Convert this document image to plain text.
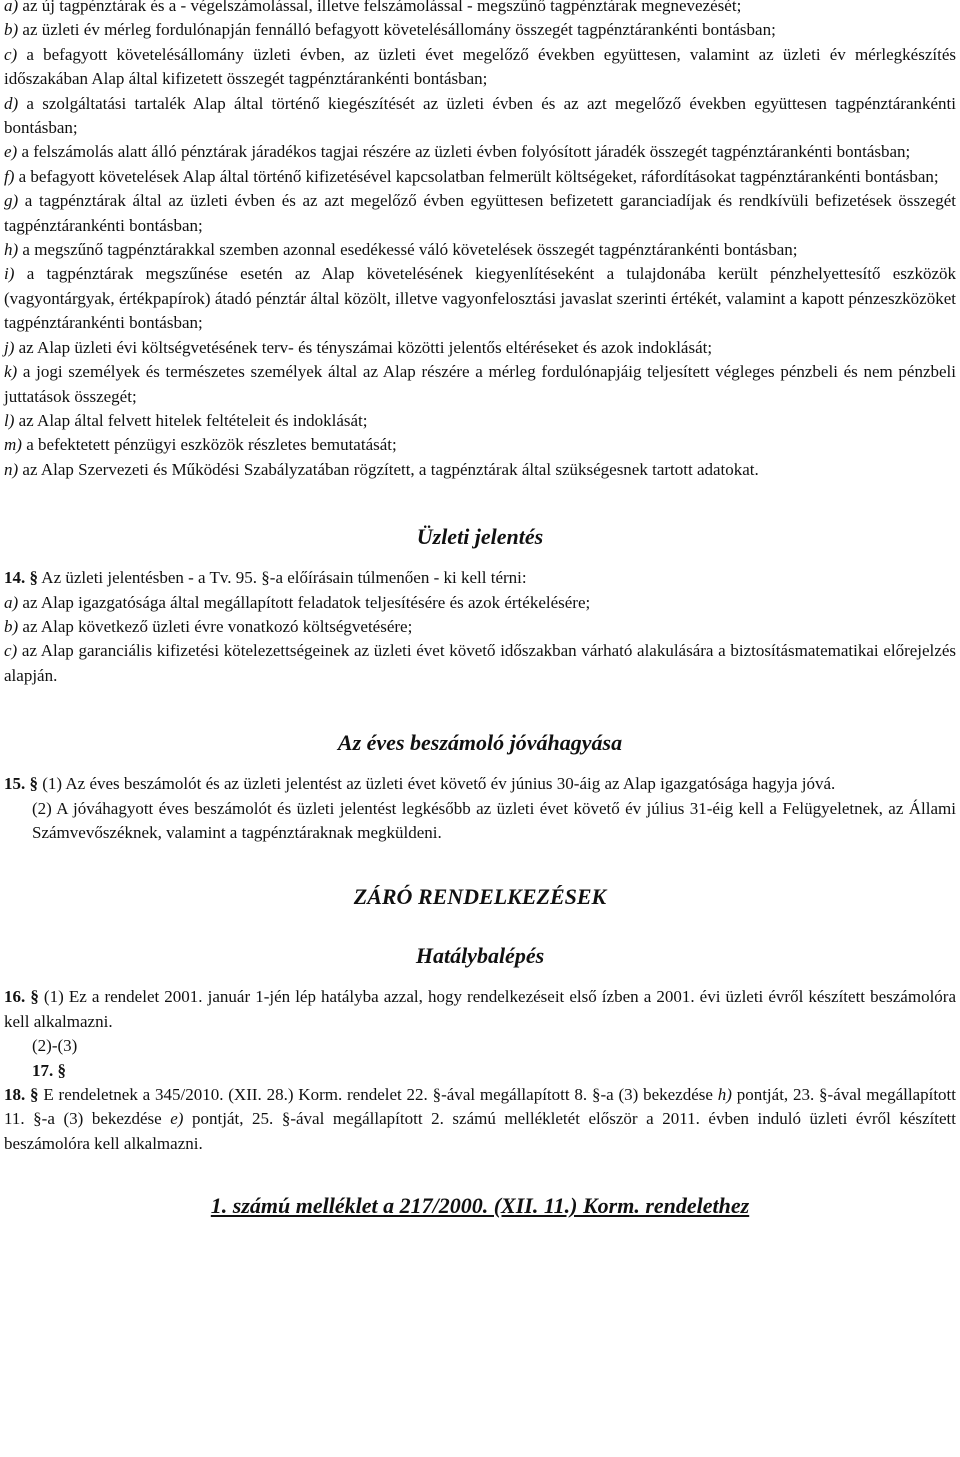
a) az új tagpénztárak és a - végelszámolással, illetve felszámolással - megszűnő tagpénztárak megnevezését;

b) az üzleti év mérleg fordulónapján fennálló befagyott követelésállomány összegét tagpénztárankénti bontásban;

c) a befagyott követelésállomány üzleti évben, az üzleti évet megelőző években együttesen, valamint az üzleti év mérlegkészítés időszakában Alap által kifizetett összegét tagpénztárankénti bontásban;

d) a szolgáltatási tartalék Alap által történő kiegészítését az üzleti évben és az azt megelőző években együttesen tagpénztárankénti bontásban;

e) a felszámolás alatt álló pénztárak járadékos tagjai részére az üzleti évben folyósított járadék összegét tagpénztárankénti bontásban;

f) a befagyott követelések Alap által történő kifizetésével kapcsolatban felmerült költségeket, ráfordításokat tagpénztárankénti bontásban;

g) a tagpénztárak által az üzleti évben és az azt megelőző évben együttesen befizetett garanciadíjak és rendkívüli befizetések összegét tagpénztárankénti bontásban;

h) a megszűnő tagpénztárakkal szemben azonnal esedékessé váló követelések összegét tagpénztárankénti bontásban;

i) a tagpénztárak megszűnése esetén az Alap követelésének kiegyenlítéseként a tulajdonába került pénzhelyettesítő eszközök (vagyontárgyak, értékpapírok) átadó pénztár által közölt, illetve vagyonfelosztási javaslat szerinti értékét, valamint a kapott pénzeszközöket tagpénztárankénti bontásban;

j) az Alap üzleti évi költségvetésének terv- és tényszámai közötti jelentős eltéréseket és azok indoklását;

k) a jogi személyek és természetes személyek által az Alap részére a mérleg fordulónapjáig teljesített végleges pénzbeli és nem pénzbeli juttatások összegét;

l) az Alap által felvett hitelek feltételeit és indoklását;

m) a befektetett pénzügyi eszközök részletes bemutatását;

n) az Alap Szervezeti és Működési Szabályzatában rögzített, a tagpénztárak által szükségesnek tartott adatokat.

Üzleti jelentés

14. § Az üzleti jelentésben - a Tv. 95. §-a előírásain túlmenően - ki kell térni:

a) az Alap igazgatósága által megállapított feladatok teljesítésére és azok értékelésére;

b) az Alap következő üzleti évre vonatkozó költségvetésére;

c) az Alap garanciális kifizetési kötelezettségeinek az üzleti évet követő időszakban várható alakulására a biztosításmatematikai előrejelzés alapján.

Az éves beszámoló jóváhagyása

15. § (1) Az éves beszámolót és az üzleti jelentést az üzleti évet követő év június 30-áig az Alap igazgatósága hagyja jóvá.

(2) A jóváhagyott éves beszámolót és üzleti jelentést legkésőbb az üzleti évet követő év július 31-éig kell a Felügyeletnek, az Állami Számvevőszéknek, valamint a tagpénztáraknak megküldeni.

ZÁRÓ RENDELKEZÉSEK
Hatálybalépés

16. § (1) Ez a rendelet 2001. január 1-jén lép hatályba azzal, hogy rendelkezéseit első ízben a 2001. évi üzleti évről készített beszámolóra kell alkalmazni.

(2)-(3)

17. §

18. § E rendeletnek a 345/2010. (XII. 28.) Korm. rendelet 22. §-ával megállapított 8. §-a (3) bekezdése h) pontját, 23. §-ával megállapított 11. §-a (3) bekezdése e) pontját, 25. §-ával megállapított 2. számú mellékletét először a 2011. évben induló üzleti évről készített beszámolóra kell alkalmazni.

1. számú melléklet a 217/2000. (XII. 11.) Korm. rendelethez
